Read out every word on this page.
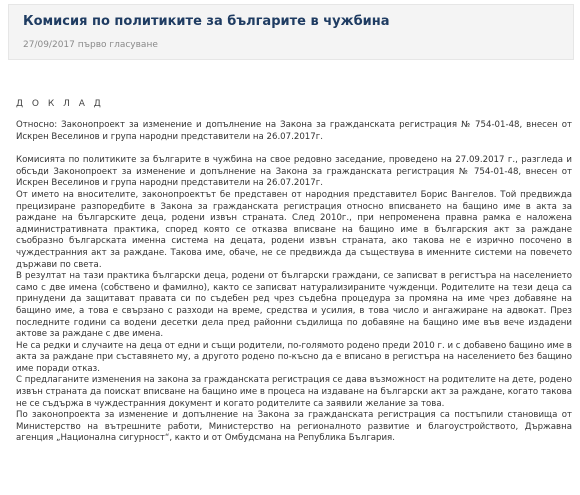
Комисия по политиките за българите в чужбина
27/09/2017 първо гласуване
Д О К Л А Д

Относно: Законопроект за изменение и допълнение на Закона за гражданската регистрация № 754-01-48, внесен от Искрен Веселинов и група народни представители на 26.07.2017г.

Комисията по политиките за българите в чужбина на свое редовно заседание, проведено на 27.09.2017 г., разгледа и обсъди Законопроект за изменение и допълнение на Закона за гражданската регистрация № 754-01-48, внесен от Искрен Веселинов и група народни представители на 26.07.2017г.

От името на вносителите, законопроектът бе представен от народния представител Борис Вангелов. Той предвижда прецизиране разпоредбите в Закона за гражданската регистрация относно вписването на бащино име в акта за раждане на българските деца, родени извън страната. След 2010г., при непроменена правна рамка е наложена административната практика, според която се отказва вписване на бащино име в българския акт за раждане съобразно българската именна система на децата, родени извън страната, ако такова не е изрично посочено в чуждестранния акт за раждане. Такова име, обаче, не се предвижда да съществува в именните системи на повечето държави по света.

В резултат на тази практика български деца, родени от български граждани, се записват в регистъра на населението само с две имена (собствено и фамилно), както се записват натурализираните чужденци. Родителите на тези деца са принудени да защитават правата си по съдебен ред чрез съдебна процедура за промяна на име чрез добавяне на бащино име, а това е свързано с разходи на време, средства и усилия, в това число и ангажиране на адвокат. През последните години са водени десетки дела пред районни съдилища по добавяне на бащино име във вече издадени актове за раждане с две имена.

Не са редки и случаите на деца от едни и същи родители, по-голямото родено преди 2010 г. и с добавено бащино име в акта за раждане при съставянето му, а другото родено по-късно да е вписано в регистъра на населението без бащино име поради отказ.

С предлаганите изменения на закона за гражданската регистрация се дава възможност на родителите на дете, родено извън страната да поискат вписване на бащино име в процеса на издаване на български акт за раждане, когато такова не се съдържа в чуждестранния документ и когато родителите са заявили желание за това.

По законопроекта за изменение и допълнение на Закона за гражданската регистрация са постъпили становища от Министерство на вътрешните работи, Министерство на регионалното развитие и благоустройството, Държавна агенция „Национална сигурност“, както и от Омбудсмана на Република България.
